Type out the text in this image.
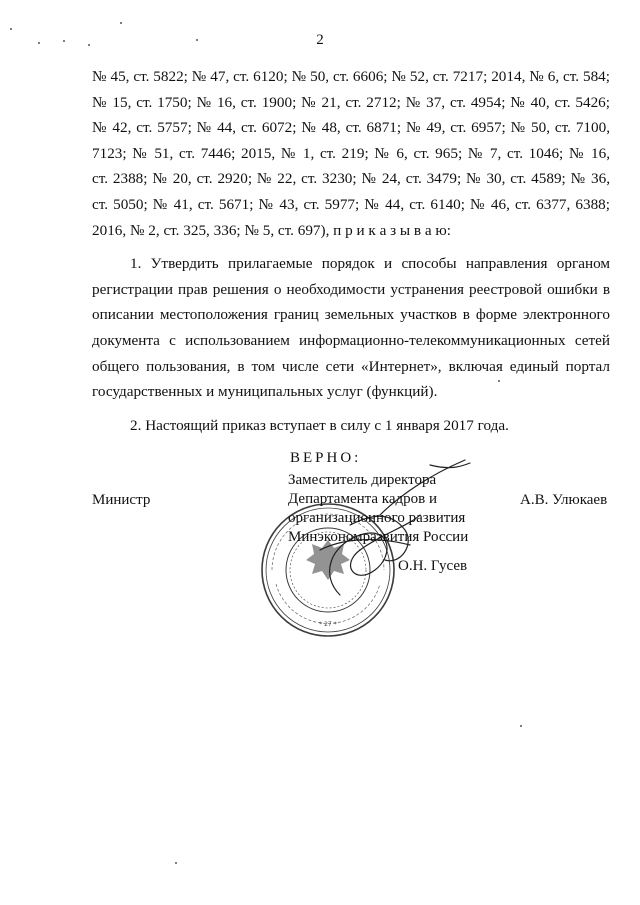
2

№ 45, ст. 5822; № 47, ст. 6120; № 50, ст. 6606; № 52, ст. 7217; 2014, № 6, ст. 584;
№ 15, ст. 1750; № 16, ст. 1900; № 21, ст. 2712; № 37, ст. 4954; № 40, ст. 5426;
№ 42, ст. 5757; № 44, ст. 6072; № 48, ст. 6871; № 49, ст. 6957; № 50, ст. 7100,
7123; № 51, ст. 7446; 2015, № 1, ст. 219; № 6, ст. 965; № 7, ст. 1046; № 16,
ст. 2388; № 20, ст. 2920; № 22, ст. 3230; № 24, ст. 3479; № 30, ст. 4589; № 36,
ст. 5050; № 41, ст. 5671; № 43, ст. 5977; № 44, ст. 6140; № 46, ст. 6377, 6388;
2016, № 2, ст. 325, 336; № 5, ст. 697), п р и к а з ы в а ю:

1. Утвердить прилагаемые порядок и способы направления органом
регистрации прав решения о необходимости устранения реестровой ошибки в
описании местоположения границ земельных участков в форме электронного
документа с использованием информационно-телекоммуникационных сетей
общего пользования, в том числе сети «Интернет», включая единый портал
государственных и муниципальных услуг (функций).

2. Настоящий приказ вступает в силу с 1 января 2017 года.

* 27 *
Министр	А.В. Улюкаев
ВЕРНО:
Заместитель директора
Департамента кадров и
организационного развития
Минэкономразвития России
О.Н. Гусев
